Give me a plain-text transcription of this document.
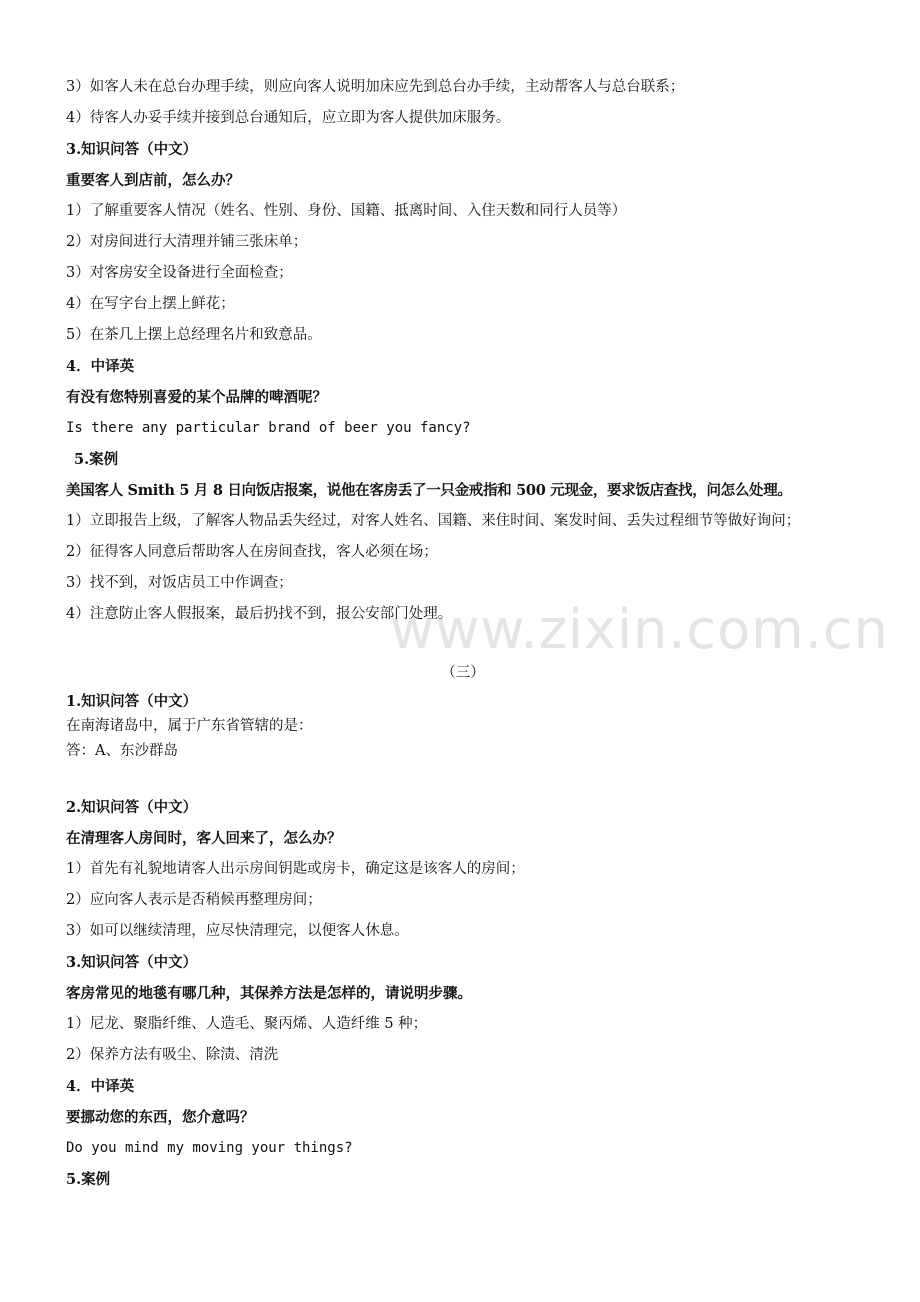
www.zixin.com.cn
3）如客人未在总台办理手续，则应向客人说明加床应先到总台办手续，主动帮客人与总台联系；
4）待客人办妥手续并接到总台通知后，应立即为客人提供加床服务。
3.知识问答（中文）
重要客人到店前，怎么办？
1）了解重要客人情况（姓名、性别、身份、国籍、抵离时间、入住天数和同行人员等）
2）对房间进行大清理并铺三张床单；
3）对客房安全设备进行全面检查；
4）在写字台上摆上鲜花；
5）在茶几上摆上总经理名片和致意品。
4．中译英
有没有您特别喜爱的某个品牌的啤酒呢？
Is there any particular brand of beer you fancy?
5.案例
美国客人 Smith 5 月 8 日向饭店报案，说他在客房丢了一只金戒指和 500 元现金，要求饭店查找，问怎么处理。
1）立即报告上级，了解客人物品丢失经过，对客人姓名、国籍、来住时间、案发时间、丢失过程细节等做好询问；
2）征得客人同意后帮助客人在房间查找，客人必须在场；
3）找不到，对饭店员工中作调查；
4）注意防止客人假报案，最后扔找不到，报公安部门处理。
（三）
1.知识问答（中文）
在南海诸岛中，属于广东省管辖的是：
答：A、东沙群岛
2.知识问答（中文）
在清理客人房间时，客人回来了，怎么办？
1）首先有礼貌地请客人出示房间钥匙或房卡，确定这是该客人的房间；
2）应向客人表示是否稍候再整理房间；
3）如可以继续清理，应尽快清理完，以便客人休息。
3.知识问答（中文）
客房常见的地毯有哪几种，其保养方法是怎样的，请说明步骤。
1）尼龙、聚脂纤维、人造毛、聚丙烯、人造纤维 5 种；
2）保养方法有吸尘、除渍、清洗
4．中译英
要挪动您的东西，您介意吗？
Do you mind my moving your things?
5.案例
